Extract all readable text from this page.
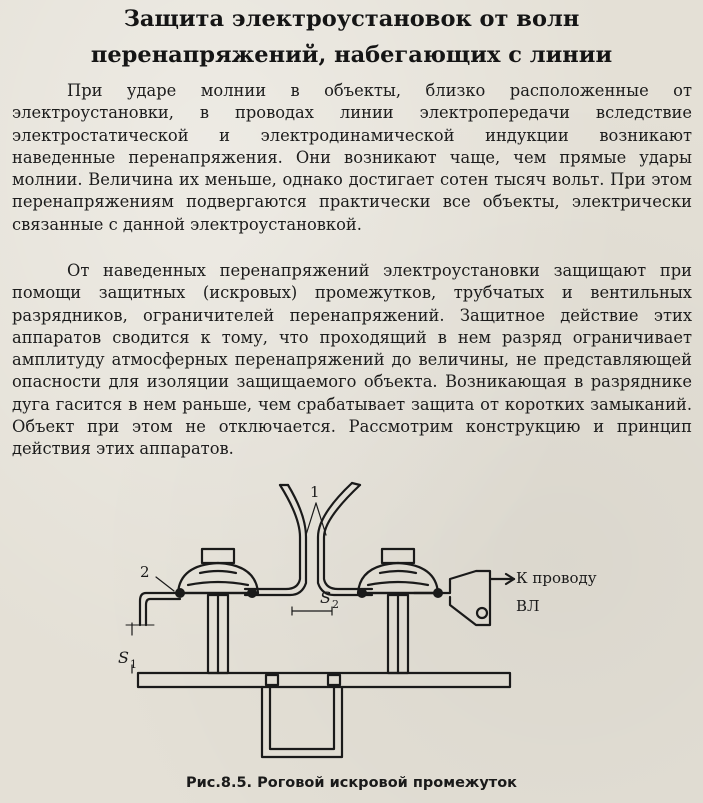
Защита электроустановок от волн
перенапряжений, набегающих с линии

При ударе молнии в объекты, близко расположенные от электроустановки, в проводах линии электропередачи вследствие электростатической и электродинамической индукции возникают наведенные перенапряжения. Они возникают чаще, чем прямые удары молнии. Величина их меньше, однако достигает сотен тысяч вольт. При этом перенапряжениям подвергаются практически все объекты, электрически связанные с данной электроустановкой.

От наведенных перенапряжений электроустановки защищают при помощи защитных (искровых) промежутков, трубчатых и вентильных разрядников, ограничителей перенапряжений. Защитное действие этих аппаратов сводится к тому, что проходящий в нем разряд ограничивает амплитуду атмосферных перенапряжений до величины, не представляющей опасности для изоляции защищаемого объекта. Возникающая в разряднике дуга гасится в нем раньше, чем срабатывает защита от коротких замыканий. Объект при этом не отключается. Рассмотрим конструкцию и принцип действия этих аппаратов.

1
2
S 1
S 2
К проводу
ВЛ

Рис.8.5. Роговой искровой промежуток
